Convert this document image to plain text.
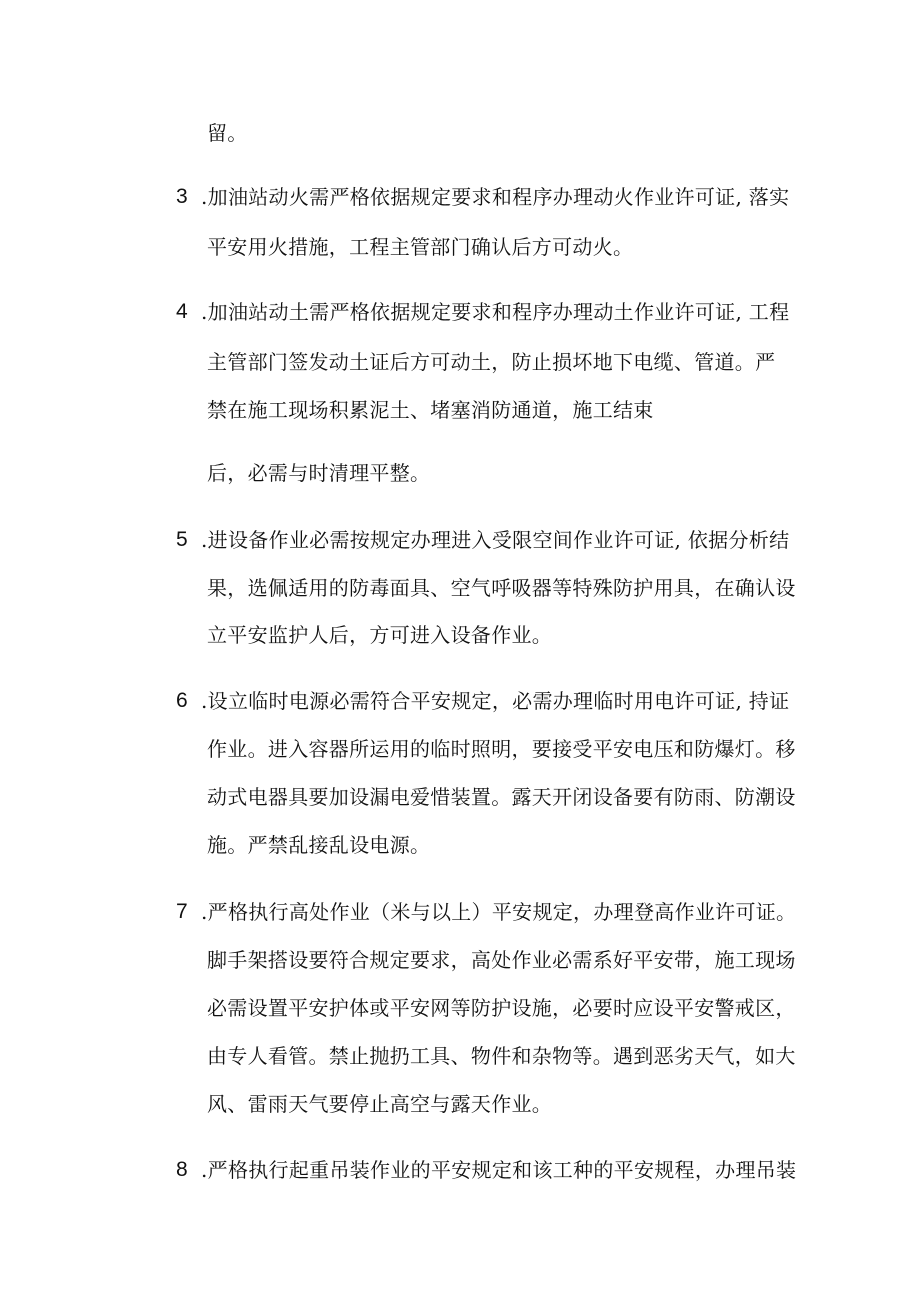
留。
3 .加油站动火需严格依据规定要求和程序办理动火作业许可证, 落实
平安用火措施，工程主管部门确认后方可动火。
4 .加油站动土需严格依据规定要求和程序办理动土作业许可证, 工程
主管部门签发动土证后方可动土，防止损坏地下电缆、管道。严
禁在施工现场积累泥土、堵塞消防通道，施工结束
后，必需与时清理平整。
5 .进设备作业必需按规定办理进入受限空间作业许可证, 依据分析结
果，选佩适用的防毒面具、空气呼吸器等特殊防护用具，在确认设
立平安监护人后，方可进入设备作业。
6 .设立临时电源必需符合平安规定，必需办理临时用电许可证, 持证
作业。进入容器所运用的临时照明，要接受平安电压和防爆灯。移
动式电器具要加设漏电爱惜装置。露天开闭设备要有防雨、防潮设
施。严禁乱接乱设电源。
7 .严格执行高处作业（米与以上）平安规定，办理登高作业许可证。
脚手架搭设要符合规定要求，高处作业必需系好平安带，施工现场
必需设置平安护体或平安网等防护设施，必要时应设平安警戒区，
由专人看管。禁止抛扔工具、物件和杂物等。遇到恶劣天气，如大
风、雷雨天气要停止高空与露天作业。
8 .严格执行起重吊装作业的平安规定和该工种的平安规程，办理吊装
